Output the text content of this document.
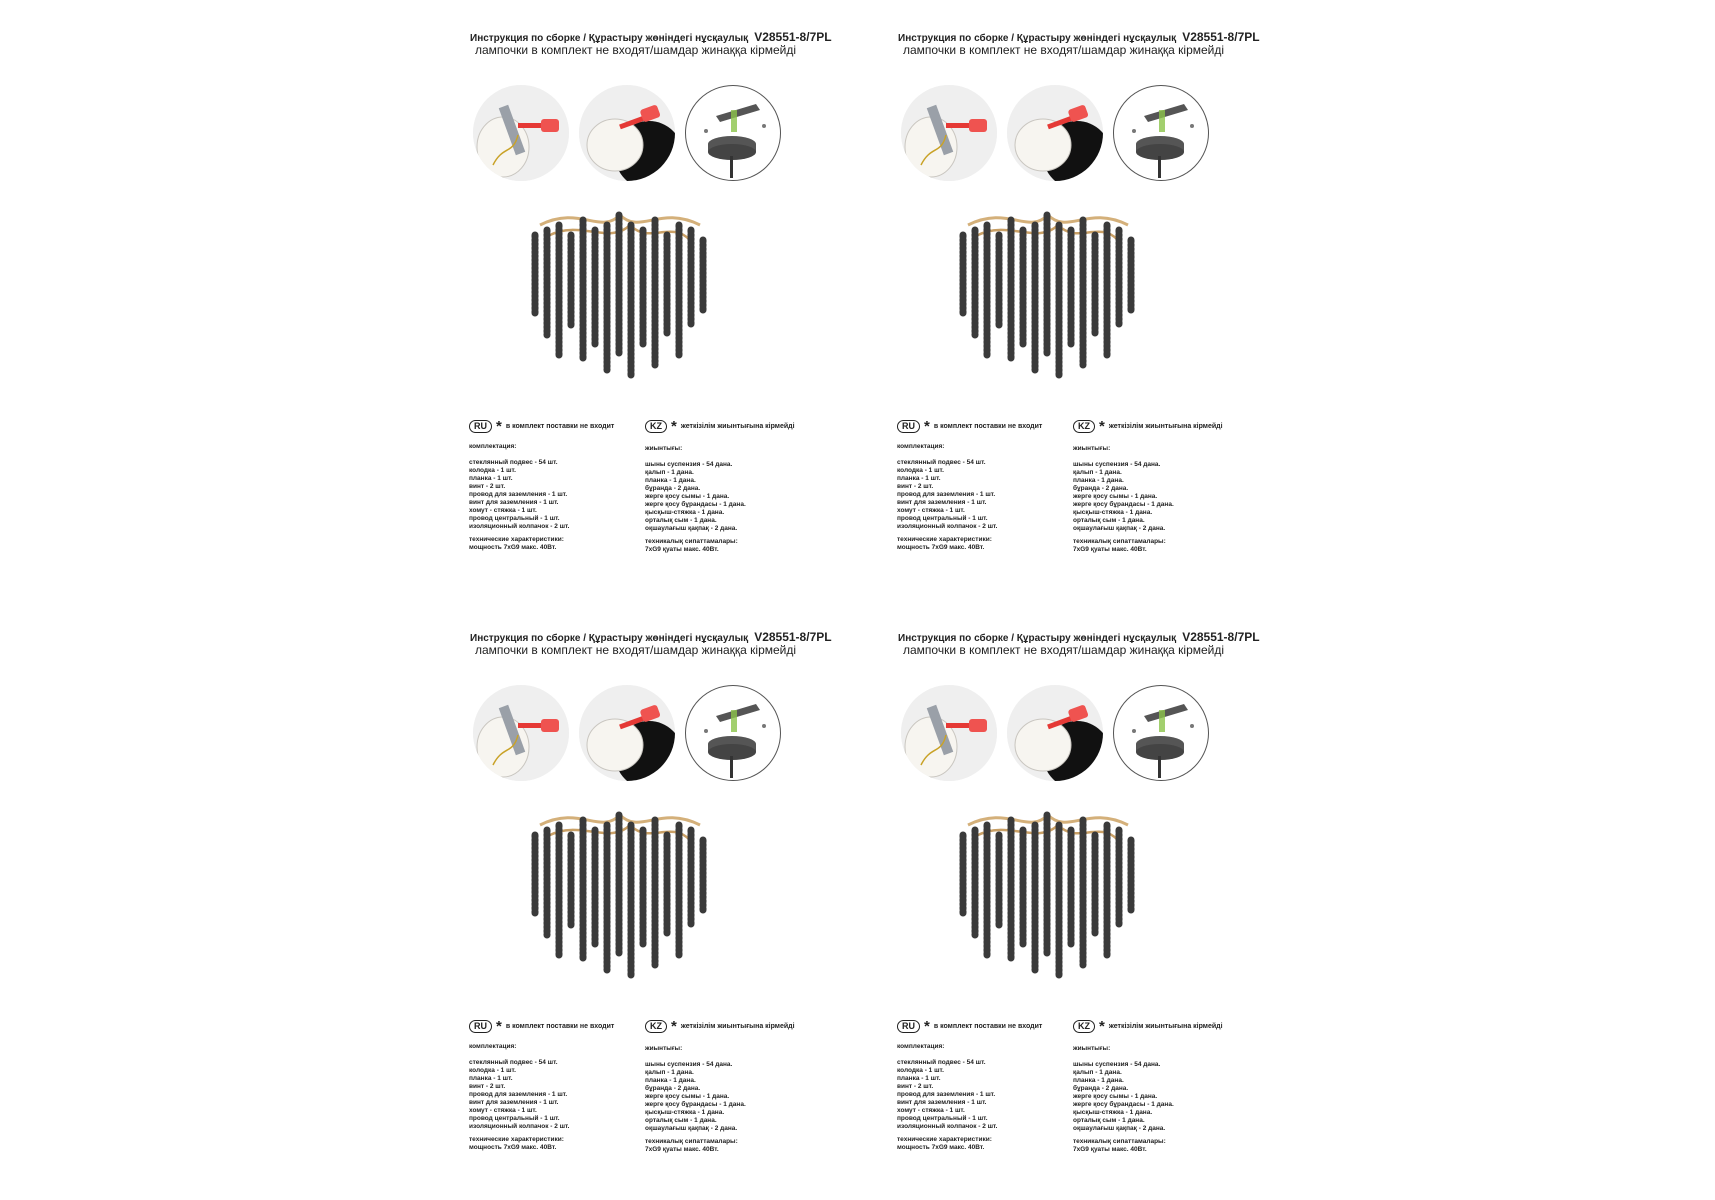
Инструкция по сборке / Құрастыру жөніндегі нұсқаулық V28551-8/7PL
лампочки в комплект не входят/шамдар жинаққа кірмейді
RU * в комплект поставки не входит	KZ * жеткізілім жиынтығына кірмейді
комплектация:
стеклянный подвес - 54 шт.
колодка - 1 шт.
планка - 1 шт.
винт - 2 шт.
провод для заземления - 1 шт.
винт для заземления - 1 шт.
хомут - стяжка - 1 шт.
провод центральный - 1 шт.
изоляционный колпачок - 2 шт.
технические характеристики:
мощность 7xG9 макс. 40Вт.
жиынтығы:
шыны суспензия - 54 дана.
қалып - 1 дана.
планка - 1 дана.
бұранда - 2 дана.
жерге қосу сымы - 1 дана.
жерге қосу бұрандасы - 1 дана.
қысқыш-стяжка - 1 дана.
орталық сым - 1 дана.
оқшаулағыш қақпақ - 2 дана.
техникалық сипаттамалары:
7xG9 қуаты макс. 40Вт.
Инструкция по сборке / Құрастыру жөніндегі нұсқаулық V28551-8/7PL
лампочки в комплект не входят/шамдар жинаққа кірмейді
RU * в комплект поставки не входит	KZ * жеткізілім жиынтығына кірмейді
комплектация:
стеклянный подвес - 54 шт.
колодка - 1 шт.
планка - 1 шт.
винт - 2 шт.
провод для заземления - 1 шт.
винт для заземления - 1 шт.
хомут - стяжка - 1 шт.
провод центральный - 1 шт.
изоляционный колпачок - 2 шт.
технические характеристики:
мощность 7xG9 макс. 40Вт.
жиынтығы:
шыны суспензия - 54 дана.
қалып - 1 дана.
планка - 1 дана.
бұранда - 2 дана.
жерге қосу сымы - 1 дана.
жерге қосу бұрандасы - 1 дана.
қысқыш-стяжка - 1 дана.
орталық сым - 1 дана.
оқшаулағыш қақпақ - 2 дана.
техникалық сипаттамалары:
7xG9 қуаты макс. 40Вт.
Инструкция по сборке / Құрастыру жөніндегі нұсқаулық V28551-8/7PL
лампочки в комплект не входят/шамдар жинаққа кірмейді
RU * в комплект поставки не входит	KZ * жеткізілім жиынтығына кірмейді
комплектация:
стеклянный подвес - 54 шт.
колодка - 1 шт.
планка - 1 шт.
винт - 2 шт.
провод для заземления - 1 шт.
винт для заземления - 1 шт.
хомут - стяжка - 1 шт.
провод центральный - 1 шт.
изоляционный колпачок - 2 шт.
технические характеристики:
мощность 7xG9 макс. 40Вт.
жиынтығы:
шыны суспензия - 54 дана.
қалып - 1 дана.
планка - 1 дана.
бұранда - 2 дана.
жерге қосу сымы - 1 дана.
жерге қосу бұрандасы - 1 дана.
қысқыш-стяжка - 1 дана.
орталық сым - 1 дана.
оқшаулағыш қақпақ - 2 дана.
техникалық сипаттамалары:
7xG9 қуаты макс. 40Вт.
Инструкция по сборке / Құрастыру жөніндегі нұсқаулық V28551-8/7PL
лампочки в комплект не входят/шамдар жинаққа кірмейді
RU * в комплект поставки не входит	KZ * жеткізілім жиынтығына кірмейді
комплектация:
стеклянный подвес - 54 шт.
колодка - 1 шт.
планка - 1 шт.
винт - 2 шт.
провод для заземления - 1 шт.
винт для заземления - 1 шт.
хомут - стяжка - 1 шт.
провод центральный - 1 шт.
изоляционный колпачок - 2 шт.
технические характеристики:
мощность 7xG9 макс. 40Вт.
жиынтығы:
шыны суспензия - 54 дана.
қалып - 1 дана.
планка - 1 дана.
бұранда - 2 дана.
жерге қосу сымы - 1 дана.
жерге қосу бұрандасы - 1 дана.
қысқыш-стяжка - 1 дана.
орталық сым - 1 дана.
оқшаулағыш қақпақ - 2 дана.
техникалық сипаттамалары:
7xG9 қуаты макс. 40Вт.
